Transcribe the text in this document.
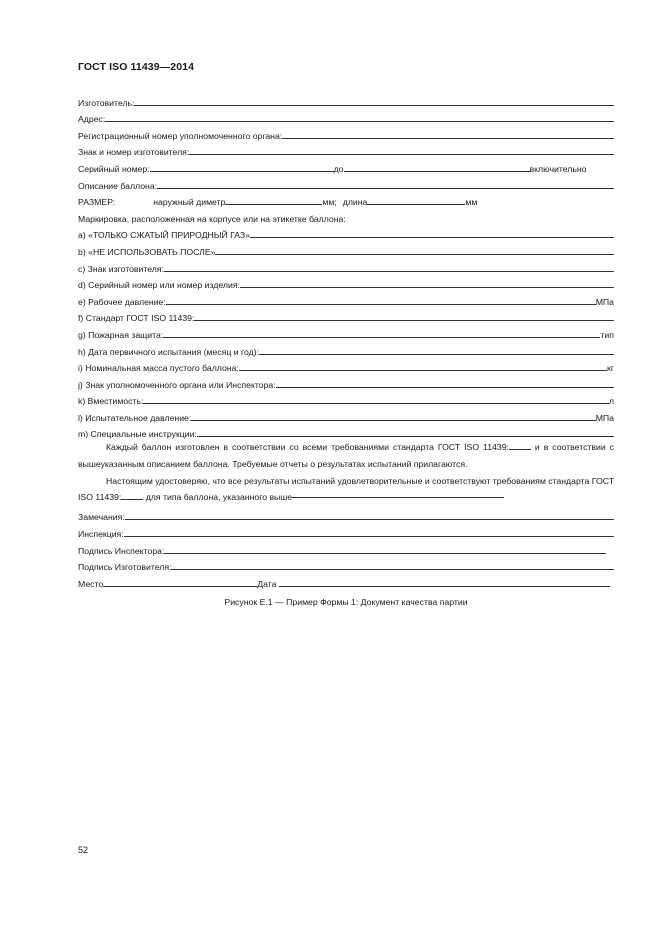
ГОСТ ISO 11439—2014
Изготовитель:
Адрес:
Регистрационный номер уполномоченного органа:
Знак и номер изготовителя:
Серийный номер:	до	включительно
Описание баллона:
РАЗМЕР:	наружный диметр	мм; длина	мм
Маркировка, расположенная на корпусе или на этикетке баллона:
a) «ТОЛЬКО СЖАТЫЙ ПРИРОДНЫЙ ГАЗ»
b) «НЕ ИСПОЛЬЗОВАТЬ ПОСЛЕ»
c) Знак изготовителя:
d) Серийный номер или номер изделия:
e) Рабочее давление:	МПа
f) Стандарт ГОСТ ISO 11439:
g) Пожарная защита:	тип
h) Дата первичного испытания (месяц и год):
i) Номинальная масса пустого баллона:	кг
j) Знак уполномоченного органа или Инспектора:
k) Вместимость:	л
l) Испытательное давление:	МПа
m) Специальные инструкции:

Каждый баллон изготовлен в соответствии со всеми требованиями стандарта ГОСТ ISO 11439:	и в соответствии с вышеуказанным описанием баллона. Требуемые отчеты о результатах испытаний прилагаются.

Настоящим удостоверяю, что все результаты испытаний удовлетворительные и соответствуют требованиям стандарта ГОСТ ISO 11439:	для типа баллона, указанного выше

Замечания:
Инспекция:
Подпись Инспектора:
Подпись Изготовителя:
Место	Дата
Рисунок Е.1 — Пример Формы 1: Документ качества партии
52
